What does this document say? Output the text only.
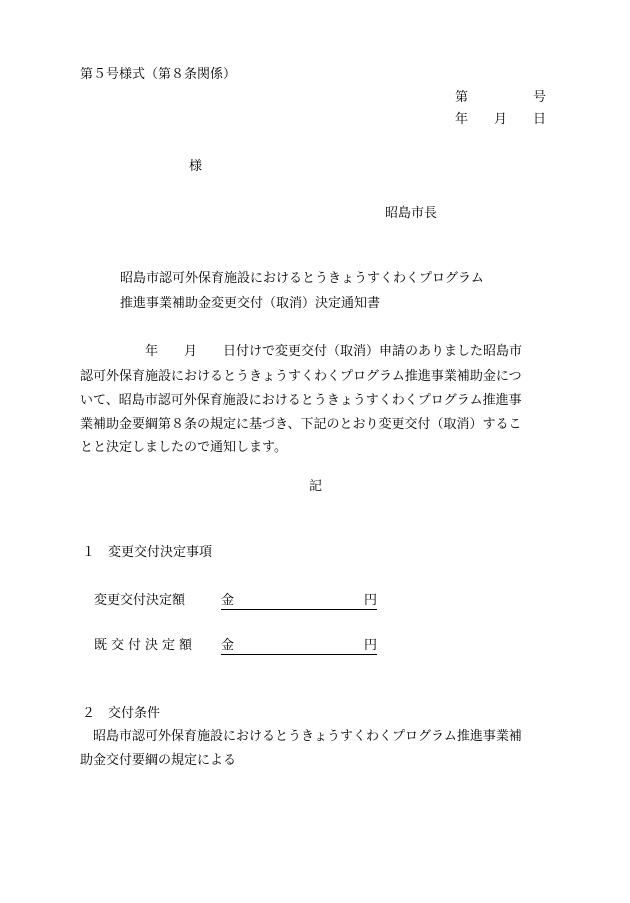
第５号様式（第８条関係）
第　　　　　号
年　　月　　日
様
昭島市長
昭島市認可外保育施設におけるとうきょうすくわくプログラム
推進事業補助金変更交付（取消）決定通知書
　　　　　年　　月　　日付けで変更交付（取消）申請のありました昭島市
認可外保育施設におけるとうきょうすくわくプログラム推進事業補助金につ
いて、昭島市認可外保育施設におけるとうきょうすくわくプログラム推進事
業補助金要綱第８条の規定に基づき、下記のとおり変更交付（取消）するこ
とと決定しましたので通知します。
記
１　変更交付決定事項
変更交付決定額	金　　　　　　　　　　円
既交付決定額 金　　　　　　　　　　円
２　交付条件
　昭島市認可外保育施設におけるとうきょうすくわくプログラム推進事業補
助金交付要綱の規定による
